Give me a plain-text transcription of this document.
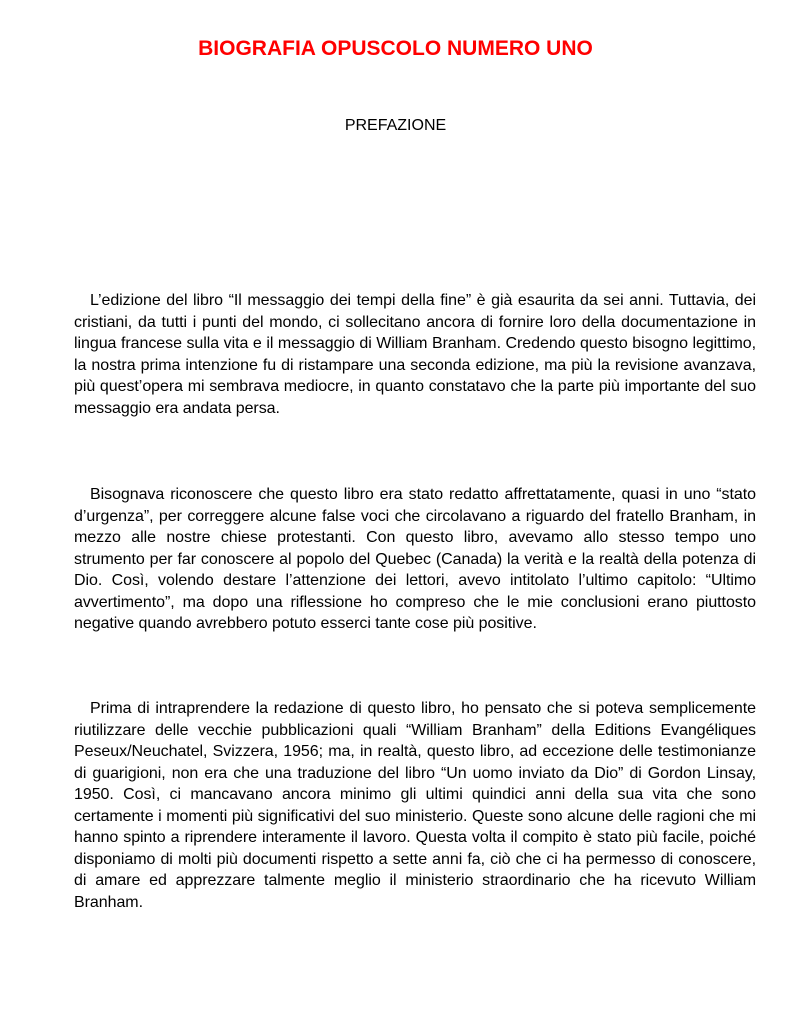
BIOGRAFIA OPUSCOLO NUMERO UNO

PREFAZIONE

L’edizione del libro “Il messaggio dei tempi della fine” è già esaurita da sei anni. Tuttavia, dei cristiani, da tutti i punti del mondo, ci sollecitano ancora di fornire loro della documentazione in lingua francese sulla vita e il messaggio di William Branham. Credendo questo bisogno legittimo, la nostra prima intenzione fu di ristampare una seconda edizione, ma più la revisione avanzava, più quest’opera mi sembrava mediocre, in quanto constatavo che la parte più importante del suo messaggio era andata persa.

Bisognava riconoscere che questo libro era stato redatto affrettatamente, quasi in uno “stato d’urgenza”, per correggere alcune false voci che circolavano a riguardo del fratello Branham, in mezzo alle nostre chiese protestanti. Con questo libro, avevamo allo stesso tempo uno strumento per far conoscere al popolo del Quebec (Canada) la verità e la realtà della potenza di Dio. Così, volendo destare l’attenzione dei lettori, avevo intitolato l’ultimo capitolo: “Ultimo avvertimento”, ma dopo una riflessione ho compreso che le mie conclusioni erano piuttosto negative quando avrebbero potuto esserci tante cose più positive.

Prima di intraprendere la redazione di questo libro, ho pensato che si poteva semplicemente riutilizzare delle vecchie pubblicazioni quali “William Branham” della Editions Evangéliques Peseux/Neuchatel, Svizzera, 1956; ma, in realtà, questo libro, ad eccezione delle testimonianze di guarigioni, non era che una traduzione del libro “Un uomo inviato da Dio” di Gordon Linsay, 1950. Così, ci mancavano ancora minimo gli ultimi quindici anni della sua vita che sono certamente i momenti più significativi del suo ministerio. Queste sono alcune delle ragioni che mi hanno spinto a riprendere interamente il lavoro. Questa volta il compito è stato più facile, poiché disponiamo di molti più documenti rispetto a sette anni fa, ciò che ci ha permesso di conoscere, di amare ed apprezzare talmente meglio il ministerio straordinario che ha ricevuto William Branham.
